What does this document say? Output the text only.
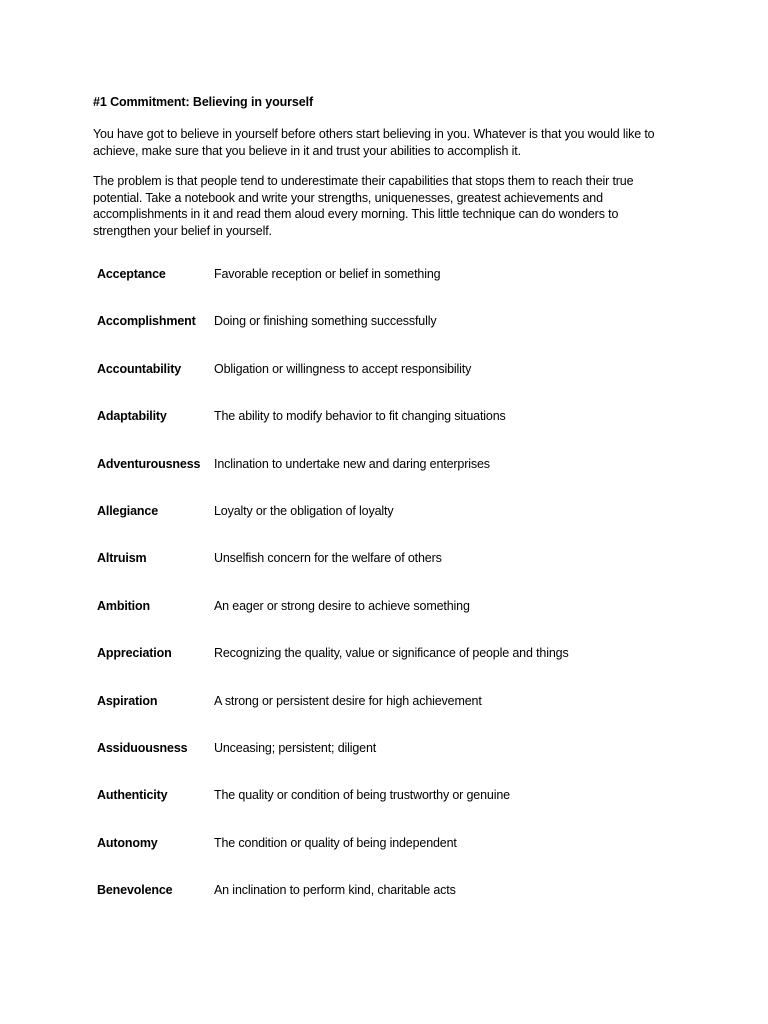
#1 Commitment: Believing in yourself
You have got to believe in yourself before others start believing in you. Whatever is that you would like to achieve, make sure that you believe in it and trust your abilities to accomplish it.
The problem is that people tend to underestimate their capabilities that stops them to reach their true potential. Take a notebook and write your strengths, uniquenesses, greatest achievements and accomplishments in it and read them aloud every morning. This little technique can do wonders to strengthen your belief in yourself.
Acceptance	Favorable reception or belief in something
Accomplishment Doing or finishing something successfully
Accountability	Obligation or willingness to accept responsibility
Adaptability	The ability to modify behavior to fit changing situations
Adventurousness Inclination to undertake new and daring enterprises
Allegiance	Loyalty or the obligation of loyalty
Altruism	Unselfish concern for the welfare of others
Ambition	An eager or strong desire to achieve something
Appreciation	Recognizing the quality, value or significance of people and things
Aspiration	A strong or persistent desire for high achievement
Assiduousness Unceasing; persistent; diligent
Authenticity	The quality or condition of being trustworthy or genuine
Autonomy	The condition or quality of being independent
Benevolence	An inclination to perform kind, charitable acts
